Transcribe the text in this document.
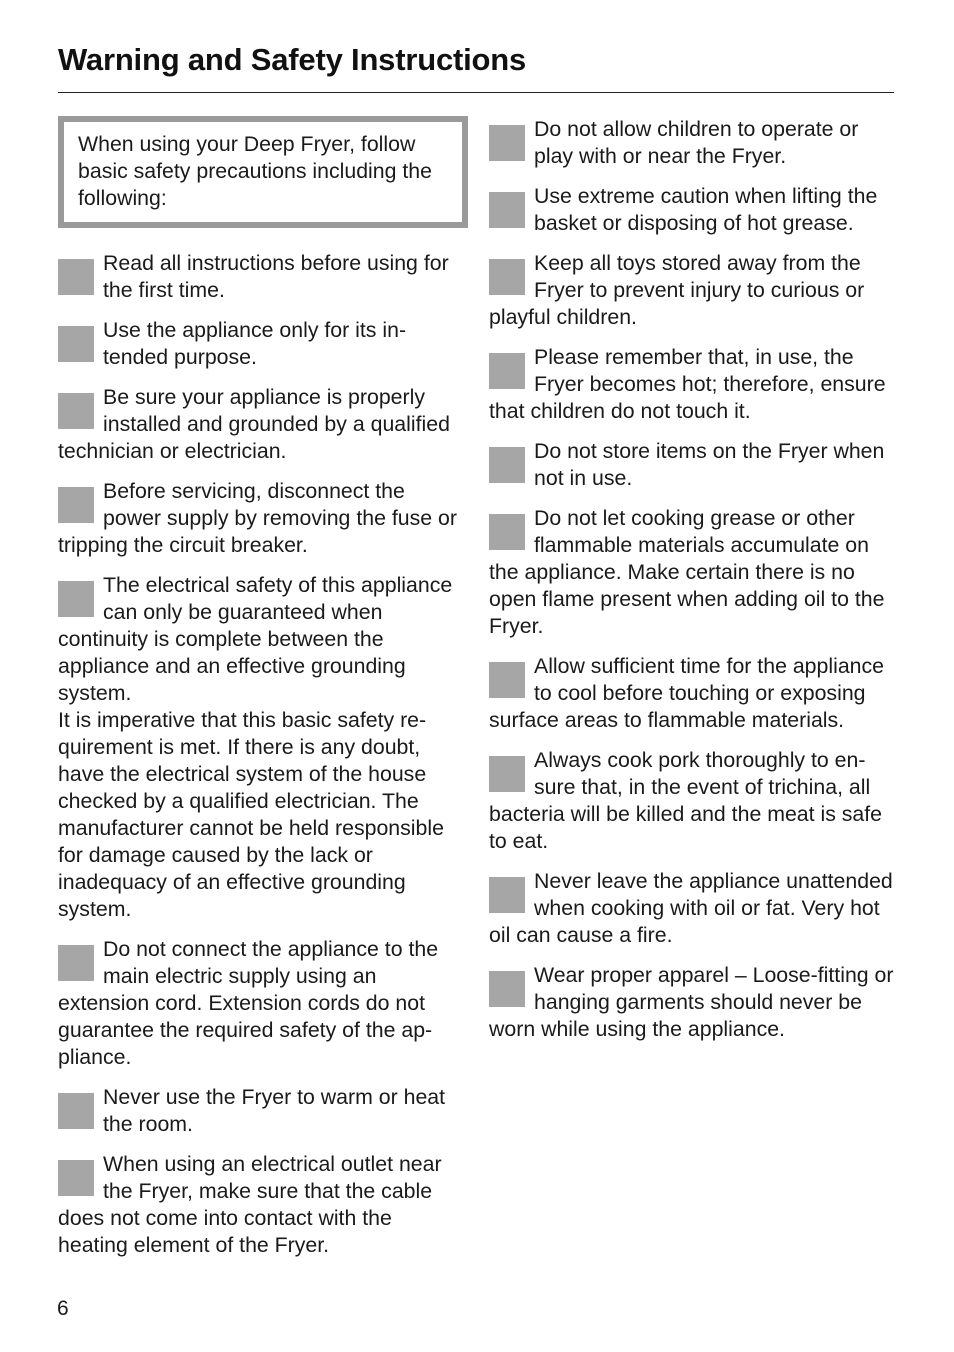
Warning and Safety Instructions
When using your Deep Fryer, follow basic safety precautions including the following:
Read all instructions before using for the first time.
Use the appliance only for its intended purpose.
Be sure your appliance is properly installed and grounded by a qualified technician or electrician.
Before servicing, disconnect the power supply by removing the fuse or tripping the circuit breaker.
The electrical safety of this appliance can only be guaranteed when continuity is complete between the appliance and an effective grounding system.
It is imperative that this basic safety requirement is met. If there is any doubt, have the electrical system of the house checked by a qualified electrician. The manufacturer cannot be held responsible for damage caused by the lack or inadequacy of an effective grounding system.
Do not connect the appliance to the main electric supply using an extension cord. Extension cords do not guarantee the required safety of the appliance.
Never use the Fryer to warm or heat the room.
When using an electrical outlet near the Fryer, make sure that the cable does not come into contact with the heating element of the Fryer.
Do not allow children to operate or play with or near the Fryer.
Use extreme caution when lifting the basket or disposing of hot grease.
Keep all toys stored away from the Fryer to prevent injury to curious or playful children.
Please remember that, in use, the Fryer becomes hot; therefore, ensure that children do not touch it.
Do not store items on the Fryer when not in use.
Do not let cooking grease or other flammable materials accumulate on the appliance. Make certain there is no open flame present when adding oil to the Fryer.
Allow sufficient time for the appliance to cool before touching or exposing surface areas to flammable materials.
Always cook pork thoroughly to ensure that, in the event of trichina, all bacteria will be killed and the meat is safe to eat.
Never leave the appliance unattended when cooking with oil or fat. Very hot oil can cause a fire.
Wear proper apparel – Loose-fitting or hanging garments should never be worn while using the appliance.
6
